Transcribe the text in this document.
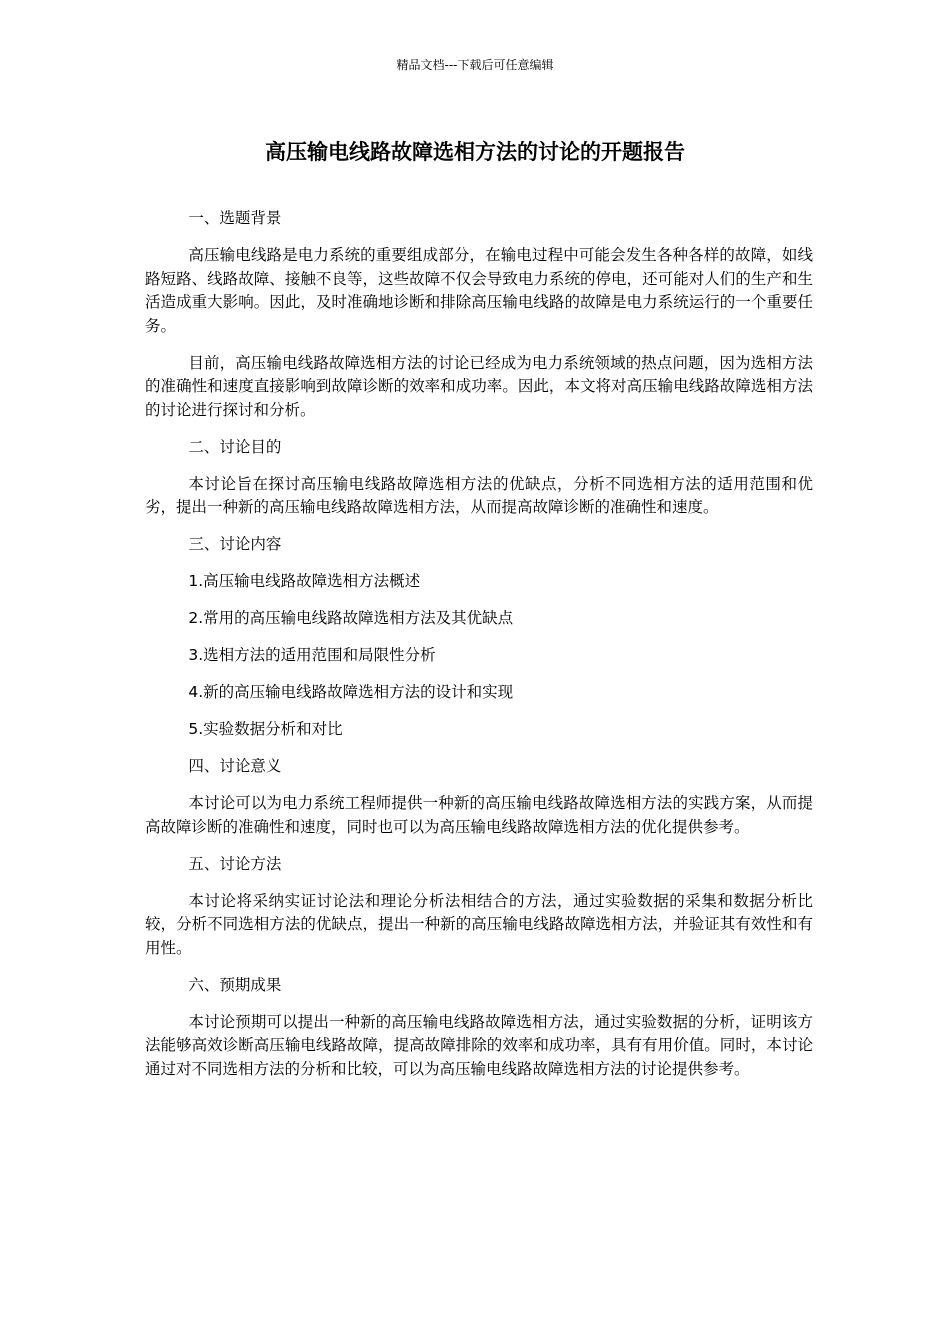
精品文档---下载后可任意编辑
高压输电线路故障选相方法的讨论的开题报告

一、选题背景

高压输电线路是电力系统的重要组成部分，在输电过程中可能会发生各种各样的故障，如线路短路、线路故障、接触不良等，这些故障不仅会导致电力系统的停电，还可能对人们的生产和生活造成重大影响。因此，及时准确地诊断和排除高压输电线路的故障是电力系统运行的一个重要任务。

目前，高压输电线路故障选相方法的讨论已经成为电力系统领域的热点问题，因为选相方法的准确性和速度直接影响到故障诊断的效率和成功率。因此，本文将对高压输电线路故障选相方法的讨论进行探讨和分析。

二、讨论目的

本讨论旨在探讨高压输电线路故障选相方法的优缺点，分析不同选相方法的适用范围和优劣，提出一种新的高压输电线路故障选相方法，从而提高故障诊断的准确性和速度。

三、讨论内容

1.高压输电线路故障选相方法概述

2.常用的高压输电线路故障选相方法及其优缺点

3.选相方法的适用范围和局限性分析

4.新的高压输电线路故障选相方法的设计和实现

5.实验数据分析和对比

四、讨论意义

本讨论可以为电力系统工程师提供一种新的高压输电线路故障选相方法的实践方案，从而提高故障诊断的准确性和速度，同时也可以为高压输电线路故障选相方法的优化提供参考。

五、讨论方法

本讨论将采纳实证讨论法和理论分析法相结合的方法，通过实验数据的采集和数据分析比较，分析不同选相方法的优缺点，提出一种新的高压输电线路故障选相方法，并验证其有效性和有用性。

六、预期成果

本讨论预期可以提出一种新的高压输电线路故障选相方法，通过实验数据的分析，证明该方法能够高效诊断高压输电线路故障，提高故障排除的效率和成功率，具有有用价值。同时，本讨论通过对不同选相方法的分析和比较，可以为高压输电线路故障选相方法的讨论提供参考。
